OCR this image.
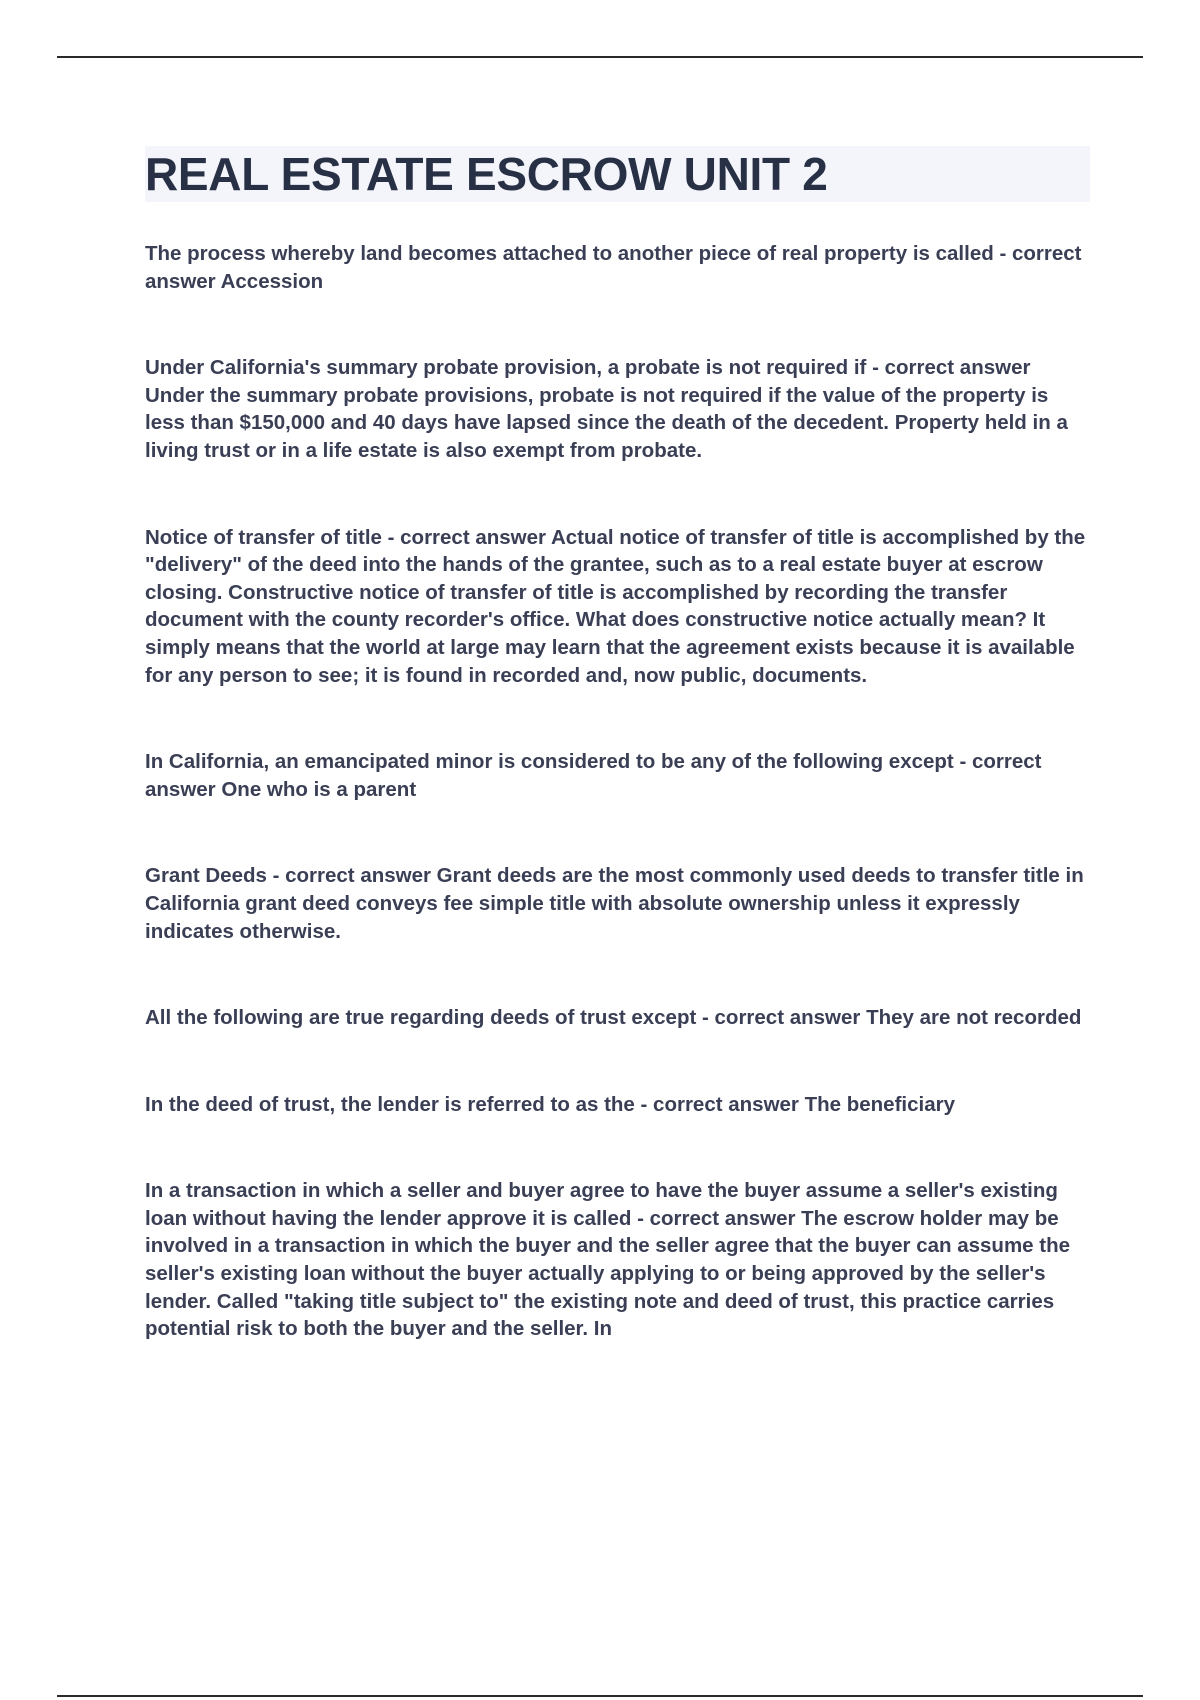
REAL ESTATE ESCROW UNIT 2
The process whereby land becomes attached to another piece of real property is called - correct answer Accession
Under California's summary probate provision, a probate is not required if - correct answer Under the summary probate provisions, probate is not required if the value of the property is less than $150,000 and 40 days have lapsed since the death of the decedent. Property held in a living trust or in a life estate is also exempt from probate.
Notice of transfer of title - correct answer Actual notice of transfer of title is accomplished by the "delivery" of the deed into the hands of the grantee, such as to a real estate buyer at escrow closing. Constructive notice of transfer of title is accomplished by recording the transfer document with the county recorder's office. What does constructive notice actually mean? It simply means that the world at large may learn that the agreement exists because it is available for any person to see; it is found in recorded and, now public, documents.
In California, an emancipated minor is considered to be any of the following except - correct answer One who is a parent
Grant Deeds - correct answer Grant deeds are the most commonly used deeds to transfer title in California grant deed conveys fee simple title with absolute ownership unless it expressly indicates otherwise.
All the following are true regarding deeds of trust except - correct answer They are not recorded
In the deed of trust, the lender is referred to as the - correct answer The beneficiary
In a transaction in which a seller and buyer agree to have the buyer assume a seller's existing loan without having the lender approve it is called - correct answer The escrow holder may be involved in a transaction in which the buyer and the seller agree that the buyer can assume the seller's existing loan without the buyer actually applying to or being approved by the seller's lender. Called "taking title subject to" the existing note and deed of trust, this practice carries potential risk to both the buyer and the seller. In
